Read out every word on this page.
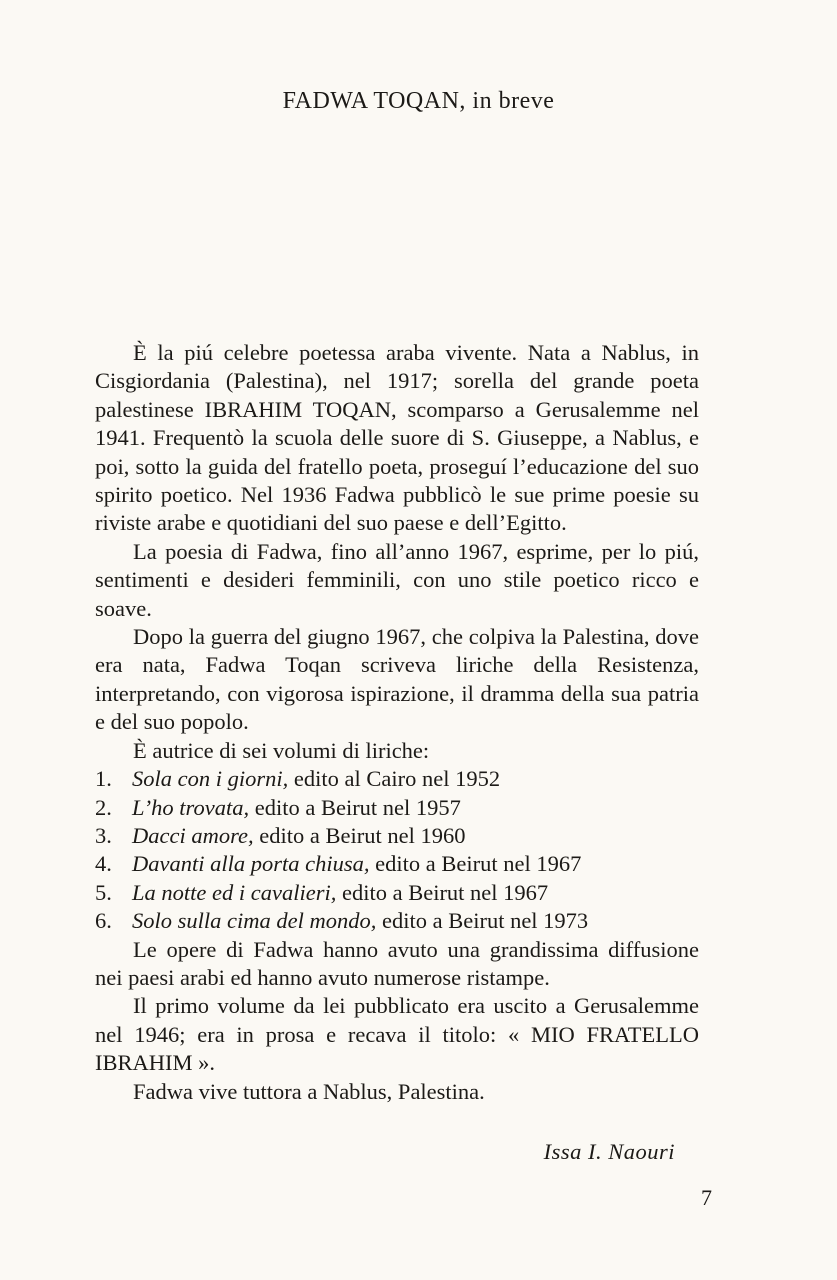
FADWA TOQAN, in breve

È la piú celebre poetessa araba vivente. Nata a Nablus, in Cisgiordania (Palestina), nel 1917; sorella del grande poeta palestinese IBRAHIM TOQAN, scomparso a Gerusalemme nel 1941. Frequentò la scuola delle suore di S. Giuseppe, a Nablus, e poi, sotto la guida del fratello poeta, proseguí l’educazione del suo spirito poetico. Nel 1936 Fadwa pubblicò le sue prime poesie su riviste arabe e quotidiani del suo paese e dell’Egitto.

La poesia di Fadwa, fino all’anno 1967, esprime, per lo piú, sentimenti e desideri femminili, con uno stile poetico ricco e soave.

Dopo la guerra del giugno 1967, che colpiva la Palestina, dove era nata, Fadwa Toqan scriveva liriche della Resistenza, interpretando, con vigorosa ispirazione, il dramma della sua patria e del suo popolo.

È autrice di sei volumi di liriche:

1. Sola con i giorni, edito al Cairo nel 1952
2. L’ho trovata, edito a Beirut nel 1957
3. Dacci amore, edito a Beirut nel 1960
4. Davanti alla porta chiusa, edito a Beirut nel 1967
5. La notte ed i cavalieri, edito a Beirut nel 1967
6. Solo sulla cima del mondo, edito a Beirut nel 1973

Le opere di Fadwa hanno avuto una grandissima diffusione nei paesi arabi ed hanno avuto numerose ristampe.

Il primo volume da lei pubblicato era uscito a Gerusalemme nel 1946; era in prosa e recava il titolo: « MIO FRATELLO IBRAHIM ».

Fadwa vive tuttora a Nablus, Palestina.

Issa I. Naouri
7
